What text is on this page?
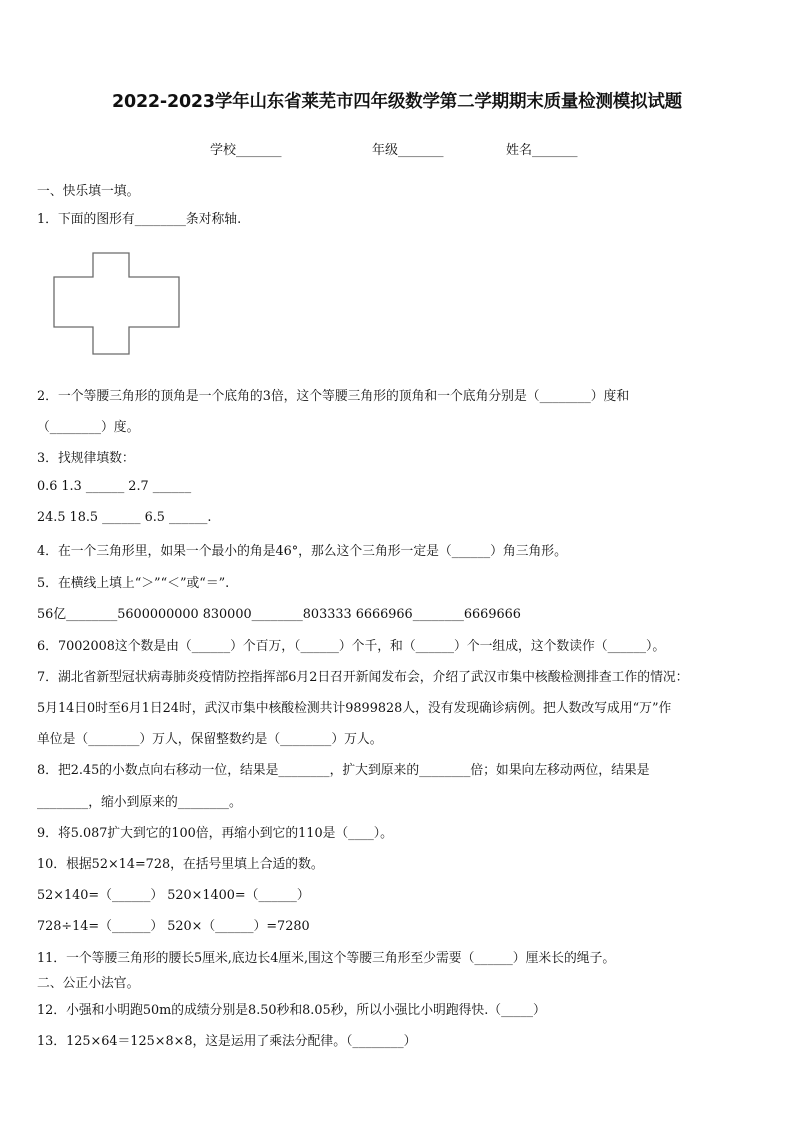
2022-2023学年山东省莱芜市四年级数学第二学期期末质量检测模拟试题
学校_______	年级_______	姓名_______
一、快乐填一填。
1．下面的图形有________条对称轴.
2．一个等腰三角形的顶角是一个底角的3倍，这个等腰三角形的顶角和一个底角分别是（________）度和
（________）度。
3．找规律填数：
0.6 1.3 ______ 2.7 ______
24.5 18.5 ______ 6.5 ______.
4．在一个三角形里，如果一个最小的角是46°，那么这个三角形一定是（______）角三角形。
5．在横线上填上“＞”“＜”或“＝”.
56亿________5600000000 830000________803333 6666966________6669666
6．7002008这个数是由（______）个百万，（______）个千，和（______）个一组成，这个数读作（______）。
7．湖北省新型冠状病毒肺炎疫情防控指挥部6月2日召开新闻发布会，介绍了武汉市集中核酸检测排查工作的情况：
5月14日0时至6月1日24时，武汉市集中核酸检测共计9899828人，没有发现确诊病例。把人数改写成用“万”作
单位是（________）万人，保留整数约是（________）万人。
8．把2.45的小数点向右移动一位，结果是________，扩大到原来的________倍；如果向左移动两位，结果是
________，缩小到原来的________。
9．将5.087扩大到它的100倍，再缩小到它的110是（____）。
10．根据52×14=728，在括号里填上合适的数。
52×140=（______） 520×1400=（______）
728÷14=（______） 520×（______）=7280
11．一个等腰三角形的腰长5厘米,底边长4厘米,围这个等腰三角形至少需要（______）厘米长的绳子。
二、公正小法官。
12．小强和小明跑50m的成绩分别是8.50秒和8.05秒，所以小强比小明跑得快.（_____）
13．125×64＝125×8×8，这是运用了乘法分配律。（________）
